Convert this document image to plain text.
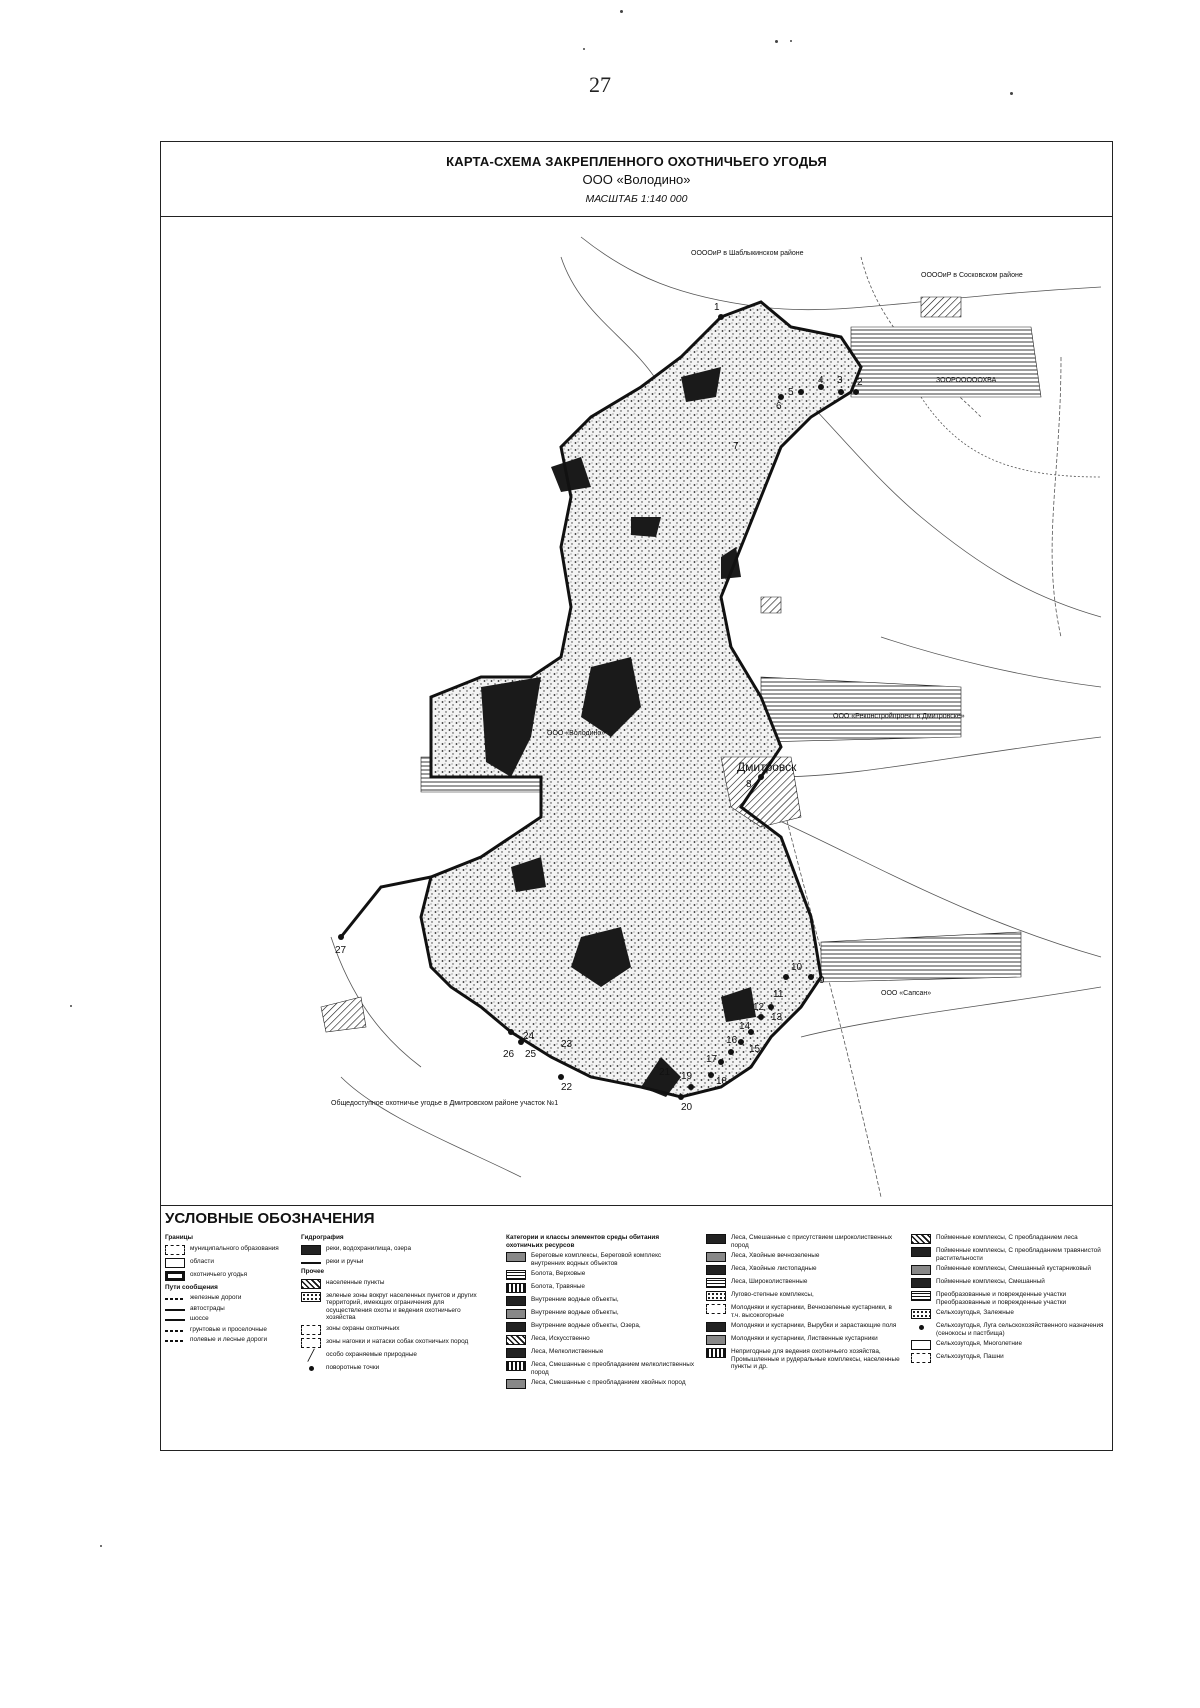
27
КАРТА-СХЕМА ЗАКРЕПЛЕННОГО ОХОТНИЧЬЕГО УГОДЬЯ
ООО «Володино»
МАСШТАБ 1:140 000
1
2
3
4
5
6
7
8
9
10
11
12
13
14
15
16
17
18
19
20
21
22
23
24
25
26
27
ООООиР в Шаблыкинском районе
ООООиР в Сосковском районе
ЗООРОООООХВА
ООО «Реконстройпроект в Дмитровске»
ООО «Володино»
Дмитровск
ООО «Сапсан»
Общедоступное охотничье угодье в Дмитровском районе участок №1
УСЛОВНЫЕ ОБОЗНАЧЕНИЯ
Границы
муниципального образования
области
охотничьего угодья
Пути сообщения
железные дороги
автострады
шоссе
грунтовые и проселочные
полевые и лесные дороги
Гидрография
реки, водохранилища, озера
реки и ручьи
Прочее
населенные пункты
зеленые зоны вокруг населенных пунктов и других территорий, имеющих ограничения для осуществления охоты и ведения охотничьего хозяйства
зоны охраны охотничьих
зоны нагонки и натаски собак охотничьих пород
╱	особо охраняемые природные
поворотные точки
Категории и классы элементов среды обитания охотничьих ресурсов
Береговые комплексы, Береговой комплекс внутренних водных объектов
Болота, Верховые
Болота, Травяные
Внутренние водные объекты,
Внутренние водные объекты,
Внутренние водные объекты, Озера,
Леса, Искусственно
Леса, Мелколиственные
Леса, Смешанные с преобладанием мелколиственных пород
Леса, Смешанные с преобладанием хвойных пород
Леса, Смешанные с присутствием широколиственных пород
Леса, Хвойные вечнозеленые
Леса, Хвойные листопадные
Леса, Широколиственные
Лугово-степные комплексы,
Молодняки и кустарники, Вечнозеленые кустарники, в т.ч. высокогорные
Молодняки и кустарники, Вырубки и зарастающие поля
Молодняки и кустарники, Лиственные кустарники
Непригодные для ведения охотничьего хозяйства, Промышленные и рудеральные комплексы, населенные пункты и др.
Пойменные комплексы, С преобладанием леса
Пойменные комплексы, С преобладанием травянистой растительности
Пойменные комплексы, Смешанный кустарниковый
Пойменные комплексы, Смешанный
Преобразованные и поврежденные участки Преобразованные и поврежденные участки
Сельхозугодья, Залежные
Сельхозугодья, Луга сельскохозяйственного назначения (сенокосы и пастбища)
Сельхозугодья, Многолетние
Сельхозугодья, Пашни
